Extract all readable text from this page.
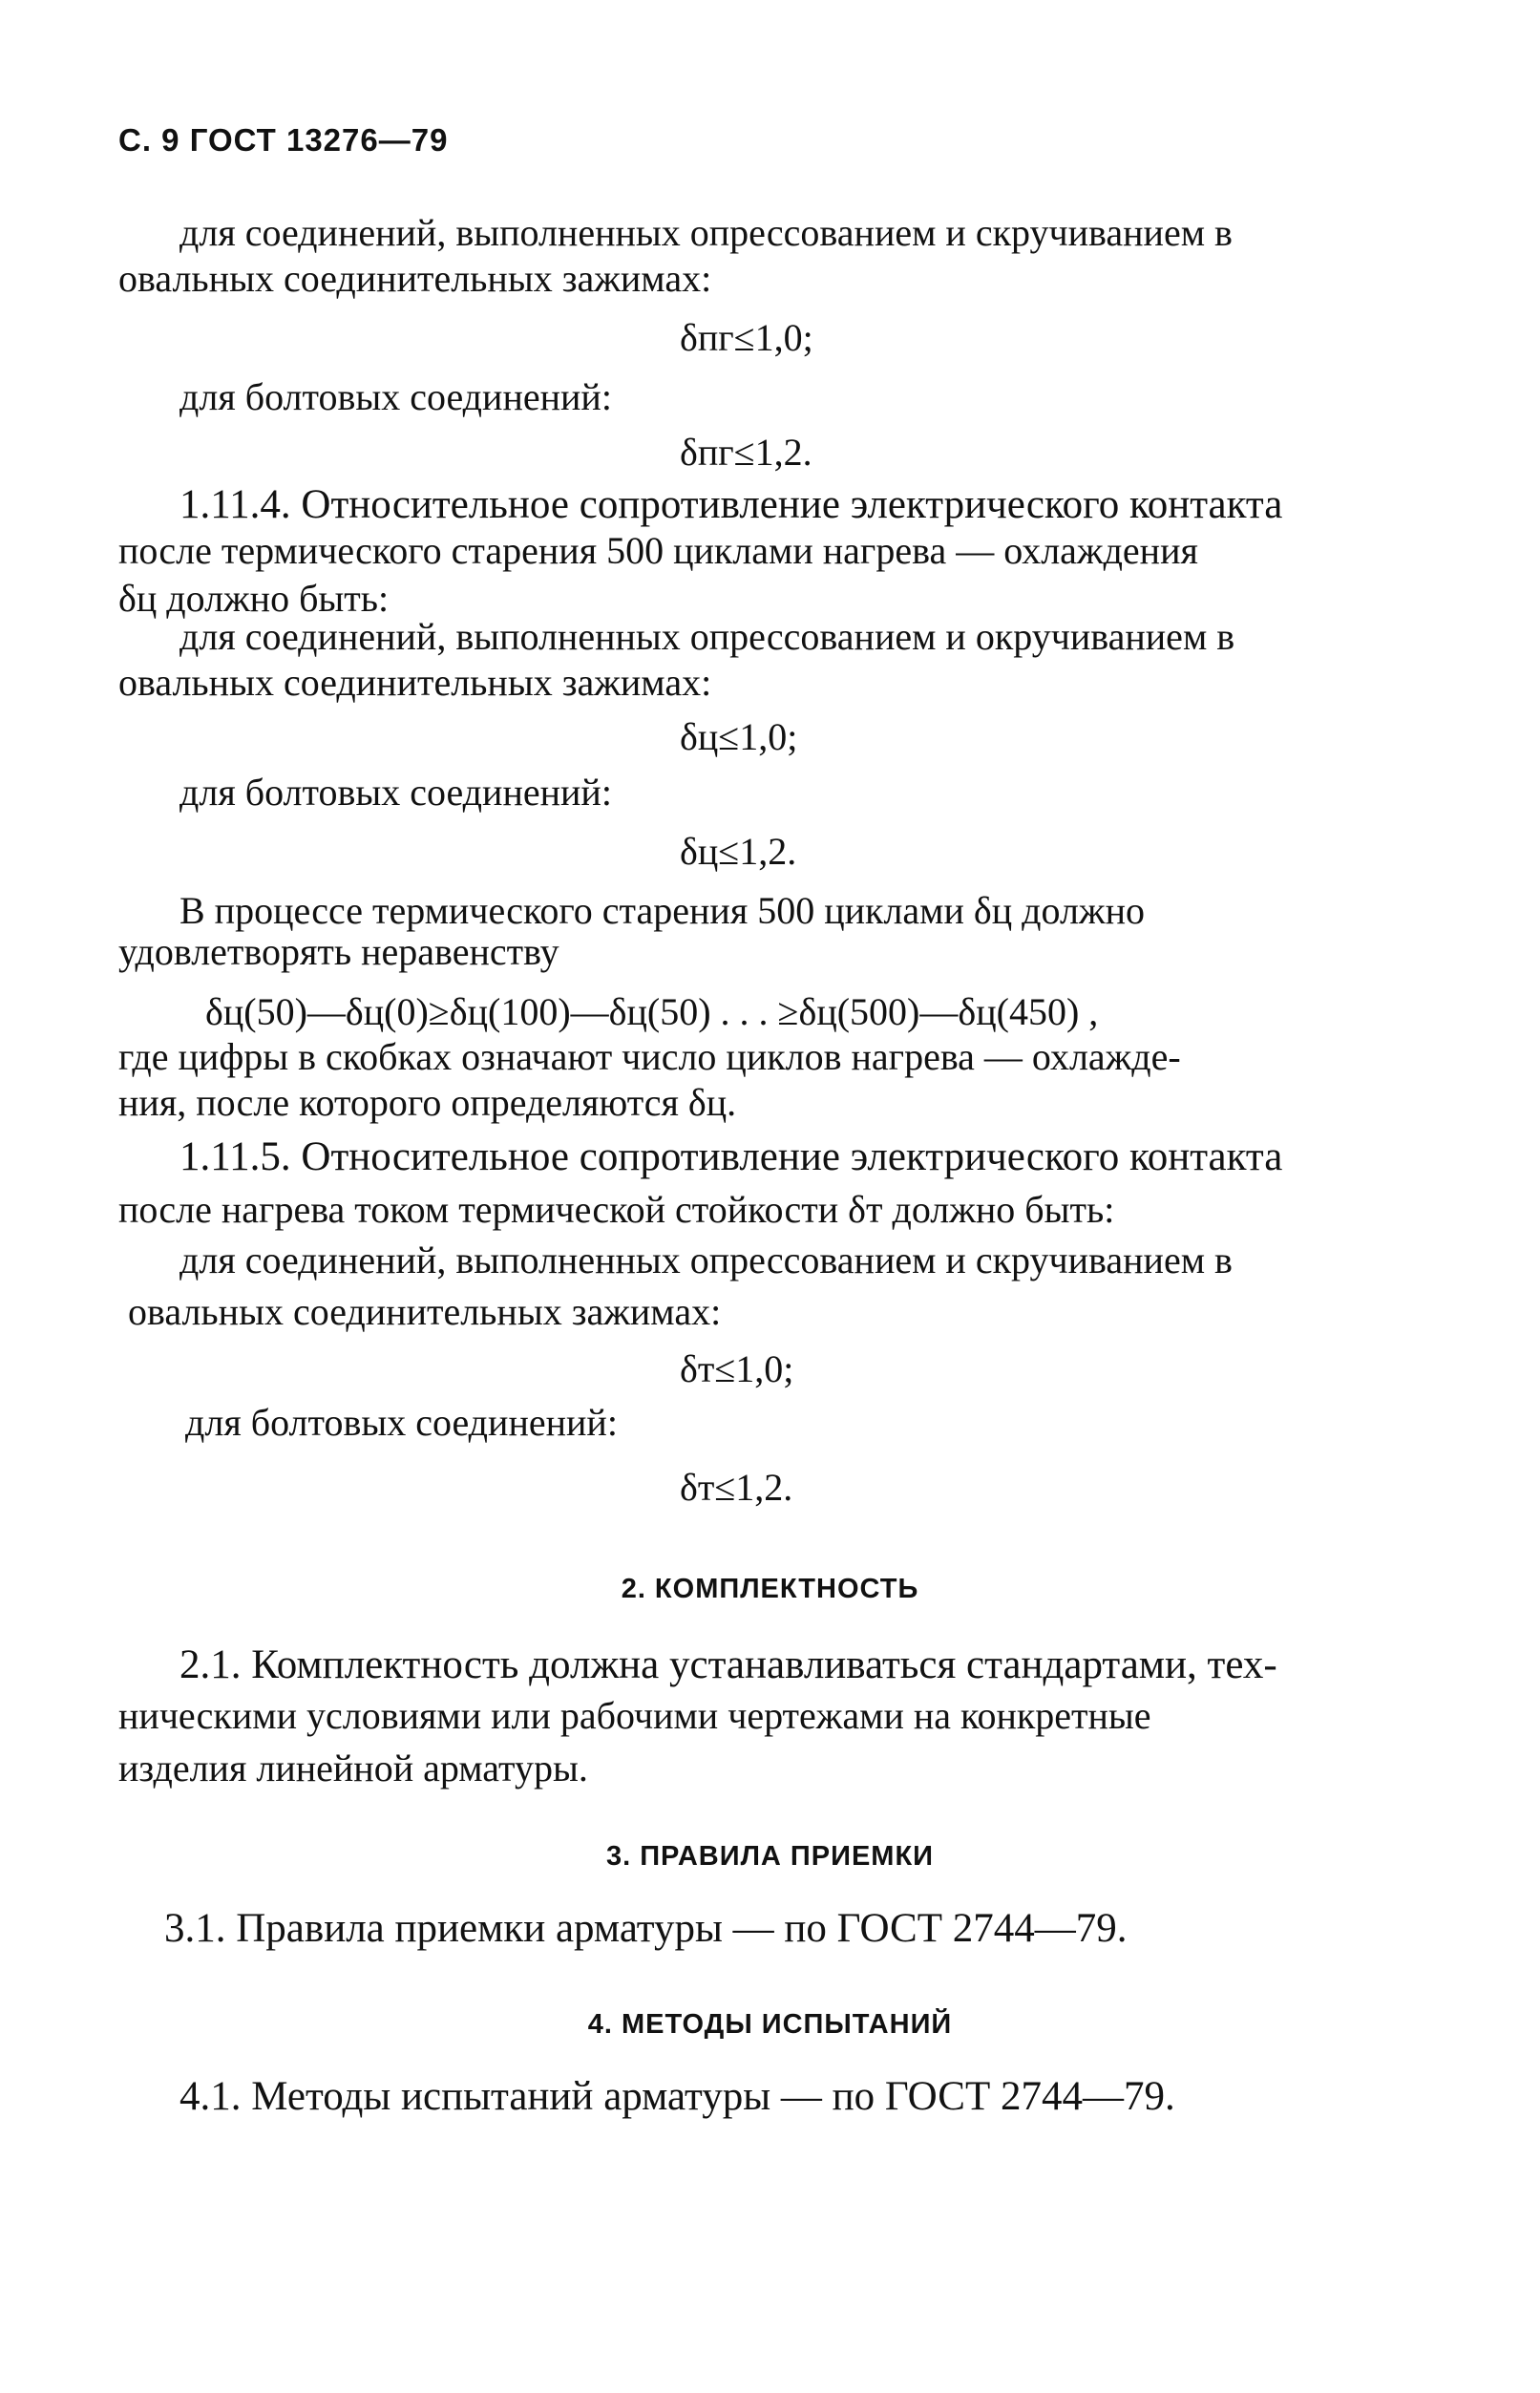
С. 9 ГОСТ 13276—79
для соединений, выполненных опрессованием и скручиванием в
овальных соединительных зажимах:
δпг≤1,0;
для болтовых соединений:
δпг≤1,2.
1.11.4. Относительное сопротивление электрического контакта
после термического старения 500 циклами нагрева — охлаждения
δц должно быть:
для соединений, выполненных опрессованием и окручиванием в
овальных соединительных зажимах:
δц≤1,0;
для болтовых соединений:
δц≤1,2.
В процессе термического старения 500 циклами δц должно
удовлетворять неравенству
δц(50)—δц(0)≥δц(100)—δц(50) . . . ≥δц(500)—δц(450) ,
где цифры в скобках означают число циклов нагрева — охлажде-
ния, после которого определяются δц.
1.11.5. Относительное сопротивление электрического контакта
после нагрева током термической стойкости δт должно быть:
для соединений, выполненных опрессованием и скручиванием в
овальных соединительных зажимах:
δт≤1,0;
для болтовых соединений:
δт≤1,2.
2. КОМПЛЕКТНОСТЬ
2.1. Комплектность должна устанавливаться стандартами, тех-
ническими условиями или рабочими чертежами на конкретные
изделия линейной арматуры.
3. ПРАВИЛА ПРИЕМКИ
3.1. Правила приемки арматуры — по ГОСТ 2744—79.
4. МЕТОДЫ ИСПЫТАНИЙ
4.1. Методы испытаний арматуры — по ГОСТ 2744—79.
